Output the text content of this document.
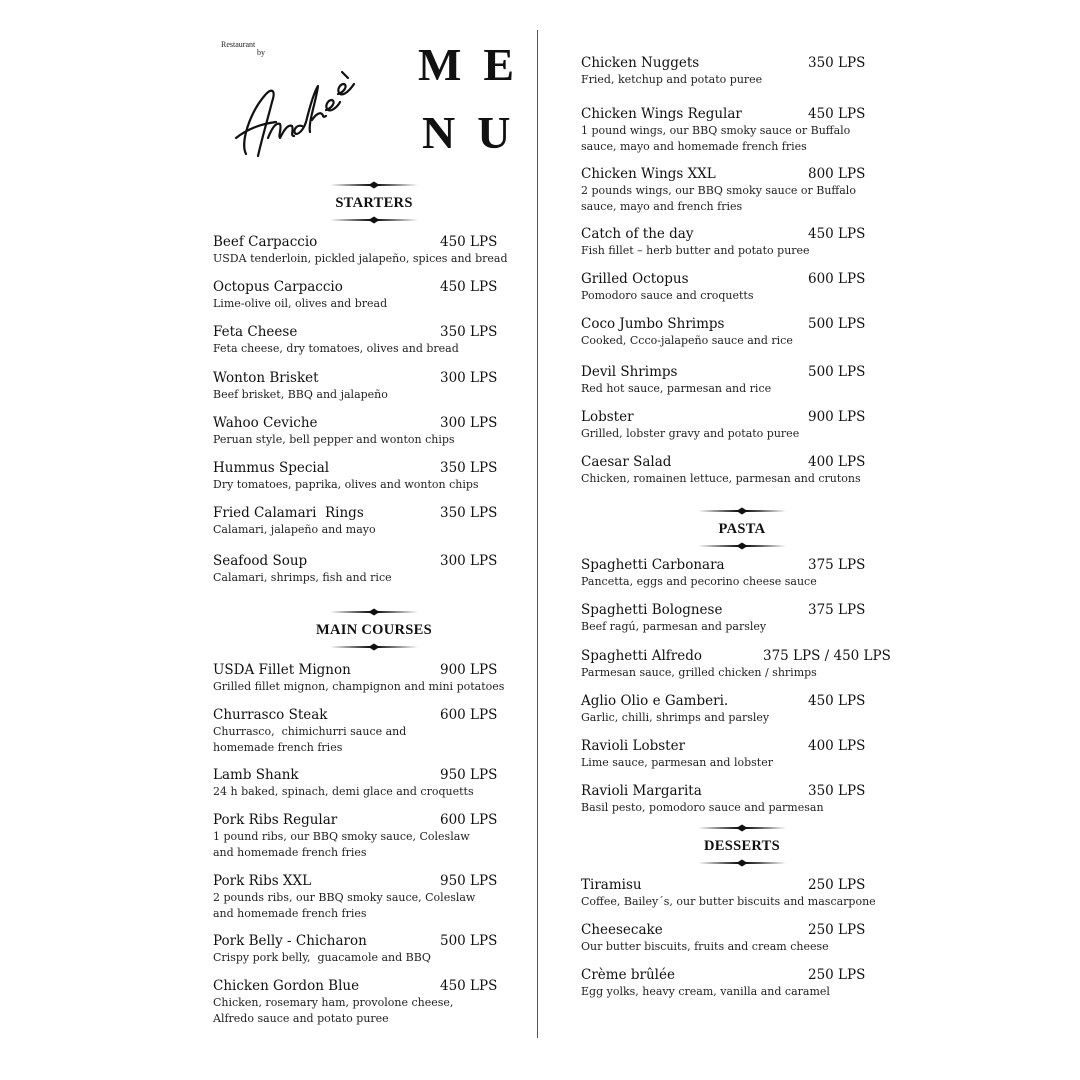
Restaurant
by	ME
NU
STARTERS
Beef Carpaccio	450 LPS
USDA tenderloin, pickled jalapeño, spices and bread
Octopus Carpaccio	450 LPS
Lime-olive oil, olives and bread
Feta Cheese	350 LPS
Feta cheese, dry tomatoes, olives and bread
Wonton Brisket	300 LPS
Beef brisket, BBQ and jalapeño
Wahoo Ceviche	300 LPS
Peruan style, bell pepper and wonton chips
Hummus Special	350 LPS
Dry tomatoes, paprika, olives and wonton chips
Fried Calamari  Rings	350 LPS
Calamari, jalapeño and mayo
Seafood Soup	300 LPS
Calamari, shrimps, fish and rice
MAIN COURSES
USDA Fillet Mignon	900 LPS
Grilled fillet mignon, champignon and mini potatoes
Churrasco Steak	600 LPS
Churrasco,  chimichurri sauce and
homemade french fries
Lamb Shank	950 LPS
24 h baked, spinach, demi glace and croquetts
Pork Ribs Regular	600 LPS
1 pound ribs, our BBQ smoky sauce, Coleslaw
and homemade french fries
Pork Ribs XXL	950 LPS
2 pounds ribs, our BBQ smoky sauce, Coleslaw
and homemade french fries
Pork Belly - Chicharon	500 LPS
Crispy pork belly,  guacamole and BBQ
Chicken Gordon Blue	450 LPS
Chicken, rosemary ham, provolone cheese,
Alfredo sauce and potato puree
Chicken Nuggets	350 LPS
Fried, ketchup and potato puree
Chicken Wings Regular	450 LPS
1 pound wings, our BBQ smoky sauce or Buffalo
sauce, mayo and homemade french fries
Chicken Wings XXL	800 LPS
2 pounds wings, our BBQ smoky sauce or Buffalo
sauce, mayo and french fries
Catch of the day	450 LPS
Fish fillet – herb butter and potato puree
Grilled Octopus	600 LPS
Pomodoro sauce and croquetts
Coco Jumbo Shrimps	500 LPS
Cooked, Ccco-jalapeño sauce and rice
Devil Shrimps	500 LPS
Red hot sauce, parmesan and rice
Lobster	900 LPS
Grilled, lobster gravy and potato puree
Caesar Salad	400 LPS
Chicken, romainen lettuce, parmesan and crutons
PASTA
Spaghetti Carbonara	375 LPS
Pancetta, eggs and pecorino cheese sauce
Spaghetti Bolognese	375 LPS
Beef ragú, parmesan and parsley
Spaghetti Alfredo	375 LPS / 450 LPS
Parmesan sauce, grilled chicken / shrimps
Aglio Olio e Gamberi.	450 LPS
Garlic, chilli, shrimps and parsley
Ravioli Lobster	400 LPS
Lime sauce, parmesan and lobster
Ravioli Margarita	350 LPS
Basil pesto, pomodoro sauce and parmesan
DESSERTS
Tiramisu	250 LPS
Coffee, Bailey´s, our butter biscuits and mascarpone
Cheesecake	250 LPS
Our butter biscuits, fruits and cream cheese
Crème brûlée	250 LPS
Egg yolks, heavy cream, vanilla and caramel
